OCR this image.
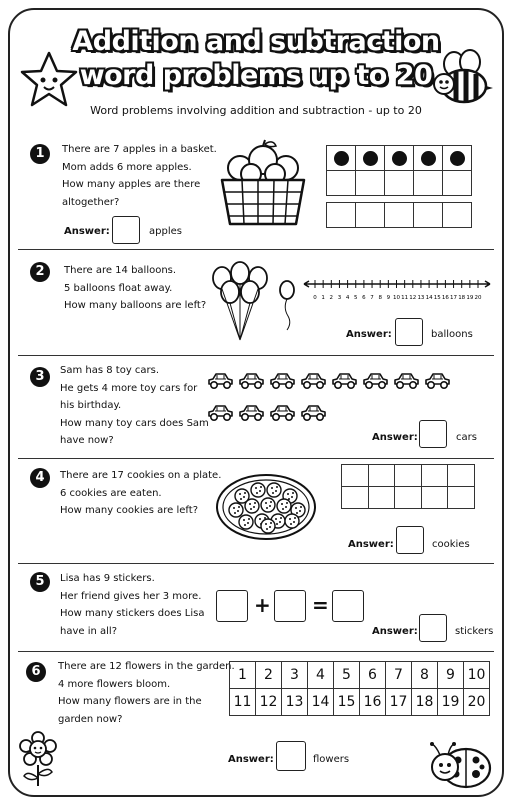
Addition and subtraction
word problems up to 20
Word problems involving addition and subtraction - up to 20
1	There are 7 apples in a basket.
Mom adds 6 more apples.
How many apples are there
altogether?
Answer:	apples

2	There are 14 balloons.
5 balloons float away.
How many balloons are left?
0 1 2 3 4 5 6 7 8 9 10 11 12 13 14 15 16 17 18 19 20
Answer:	balloons
3	Sam has 8 toy cars.
He gets 4 more toy cars for
his birthday.
How many toy cars does Sam
have now?	Answer:	cars
4	There are 17 cookies on a plate.
6 cookies are eaten.
How many cookies are left?

Answer:	cookies
5	Lisa has 9 stickers.
Her friend gives her 3 more.
How many stickers does Lisa
have in all?
+ =
Answer:	stickers
6	There are 12 flowers in the garden.
4 more flowers bloom.
How many flowers are in the
garden now?
1	2	3	4	5	6	7	8	9	10
11	12	13	14	15	16	17	18	19	20
Answer:	flowers
